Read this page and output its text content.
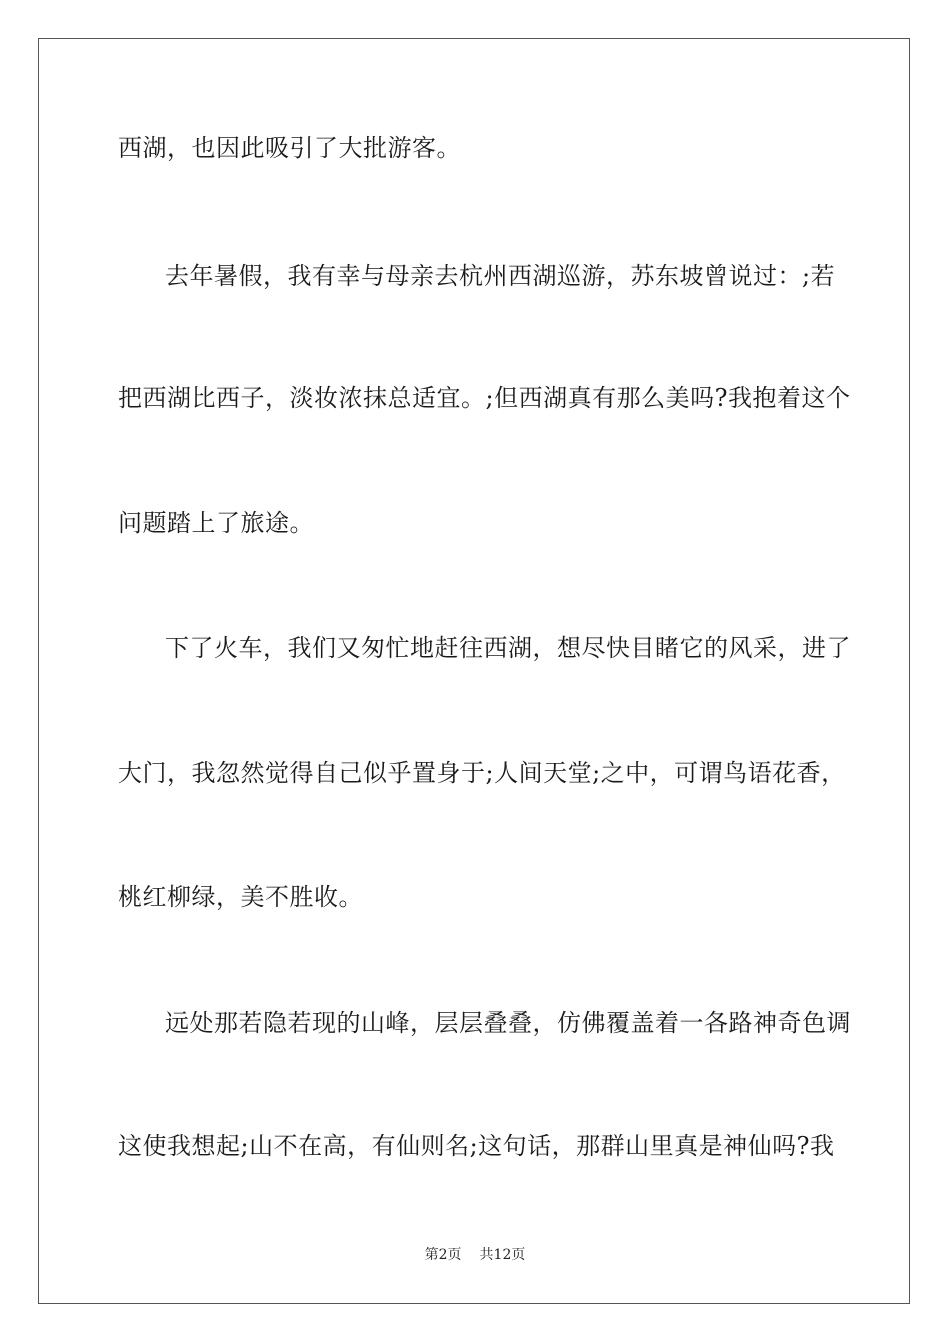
西湖，也因此吸引了大批游客。
去年暑假，我有幸与母亲去杭州西湖巡游，苏东坡曾说过：;若
把西湖比西子，淡妆浓抹总适宜。;但西湖真有那么美吗?我抱着这个
问题踏上了旅途。
下了火车，我们又匆忙地赶往西湖，想尽快目睹它的风采，进了
大门，我忽然觉得自己似乎置身于;人间天堂;之中，可谓鸟语花香，
桃红柳绿，美不胜收。
远处那若隐若现的山峰，层层叠叠，仿佛覆盖着一各路神奇色调
这使我想起;山不在高，有仙则名;这句话，那群山里真是神仙吗?我
第2页 共12页
